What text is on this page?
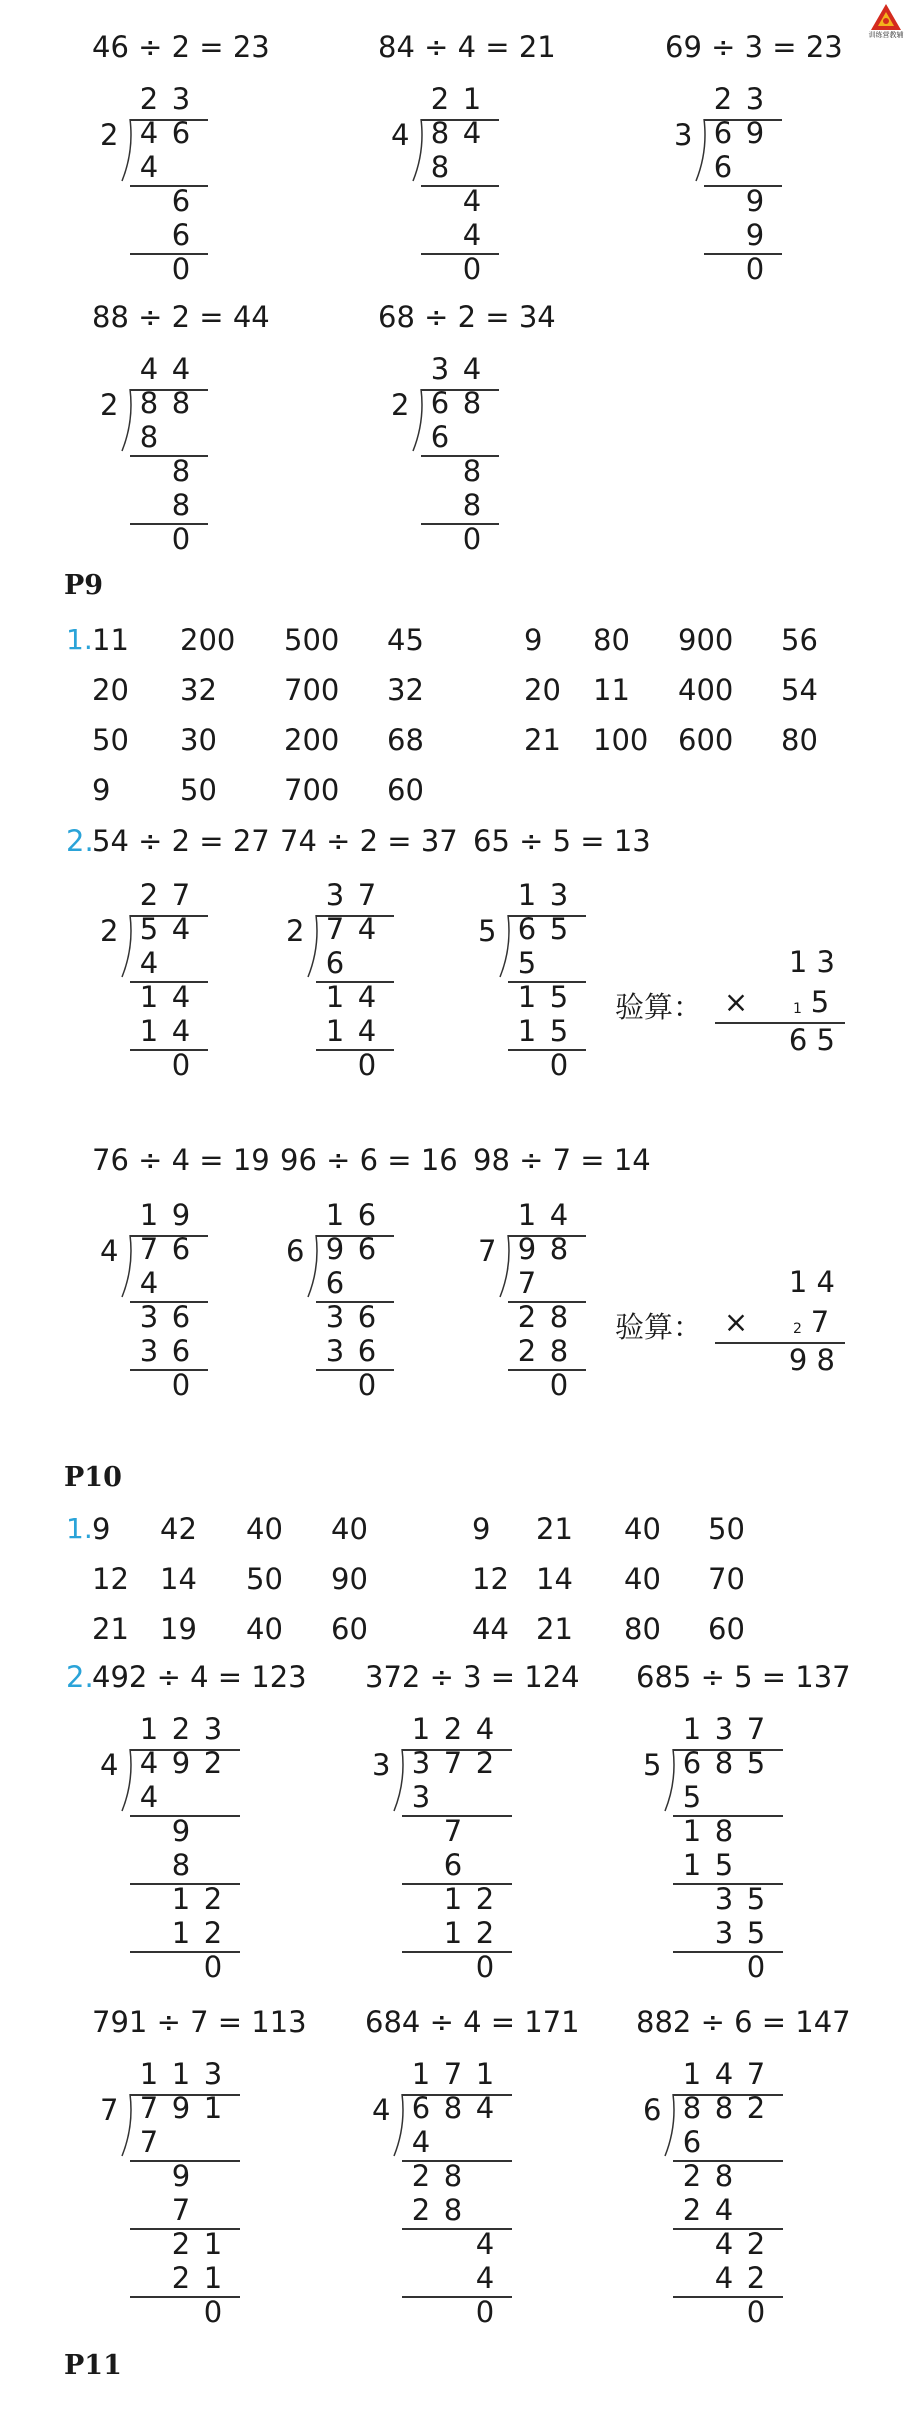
训练营教辅
46 ÷ 2 = 23	84 ÷ 4 = 21	69 ÷ 3 = 23
88 ÷ 2 = 44	68 ÷ 2 = 34
2
2 3
4 6
4
6
6
0
4
2 1
8 4
8
4
4
0
3
2 3
6 9
6
9
9
0
2
4 4
8 8
8
8
8
0
2
3 4
6 8
6
8
8
0
P9
1. 11 200 500 45	9 80 900 56
20 32 700 32	20 11 400 54
50 30 200 68	21 100 600 80
9 50 700 60
2.
54 ÷ 2 = 27 74 ÷ 2 = 37 65 ÷ 5 = 13
2
2 7
5 4
4
1 4
1 4
0
2
3 7
7 4
6
1 4
1 4
0
5
1 3
6 5
5
1 5
1 5
0
1 3
验算： ×	1 5
6 5
76 ÷ 4 = 19 96 ÷ 6 = 16 98 ÷ 7 = 14
4
1 9
7 6
4
3 6
3 6
0
6
1 6
9 6
6
3 6
3 6
0
7
1 4
9 8
7
2 8
2 8
0
1 4
验算： ×	2 7
9 8
P10
1. 9 42 40 40	9 21 40 50
12 14 50 90	12 14 40 70
21 19 40 60	44 21 80 60
2.
492 ÷ 4 = 123 372 ÷ 3 = 124 685 ÷ 5 = 137
4
1 2 3
4 9 2
4
9
8
1 2
1 2
0
3
1 2 4
3 7 2
3
7
6
1 2
1 2
0
5
1 3 7
6 8 5
5
1 8
1 5
3 5
3 5
0
791 ÷ 7 = 113 684 ÷ 4 = 171 882 ÷ 6 = 147
7
1 1 3
7 9 1
7
9
7
2 1
2 1
0
4
1 7 1
6 8 4
4
2 8
2 8
4
4
0
6
1 4 7
8 8 2
6
2 8
2 4
4 2
4 2
0
P11
